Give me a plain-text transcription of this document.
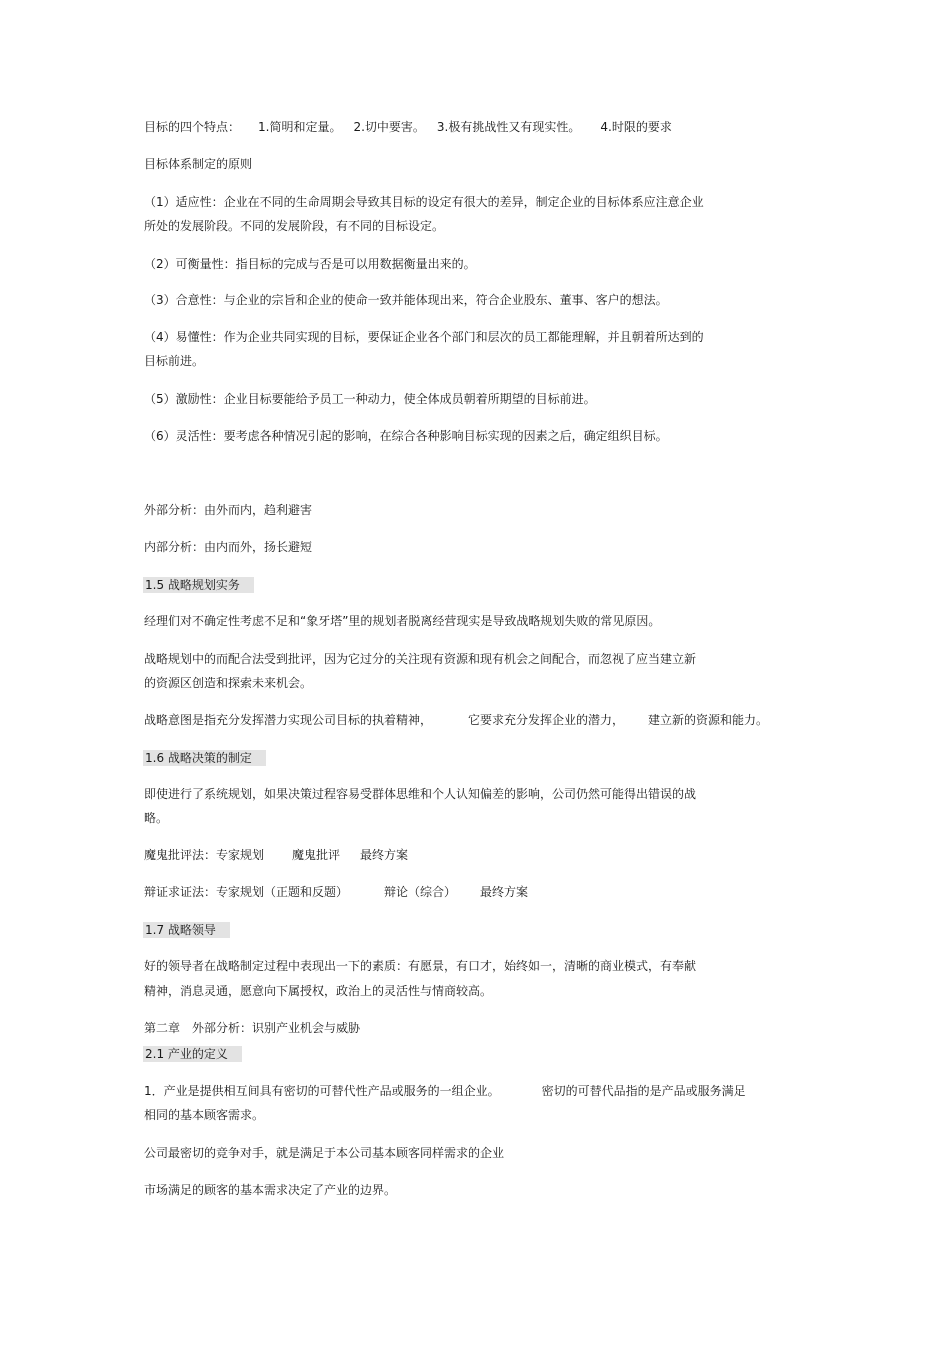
目标的四个特点： 1.简明和定量。 2.切中要害。 3.极有挑战性又有现实性。 4.时限的要求
目标体系制定的原则
（1）适应性：企业在不同的生命周期会导致其目标的设定有很大的差异，制定企业的目标体系应注意企业
所处的发展阶段。不同的发展阶段，有不同的目标设定。
（2）可衡量性：指目标的完成与否是可以用数据衡量出来的。
（3）合意性：与企业的宗旨和企业的使命一致并能体现出来，符合企业股东、董事、客户的想法。
（4）易懂性：作为企业共同实现的目标，要保证企业各个部门和层次的员工都能理解，并且朝着所达到的
目标前进。
（5）激励性：企业目标要能给予员工一种动力，使全体成员朝着所期望的目标前进。
（6）灵活性：要考虑各种情况引起的影响，在综合各种影响目标实现的因素之后，确定组织目标。
外部分析：由外而内，趋利避害
内部分析：由内而外，扬长避短
1.5 战略规划实务
经理们对不确定性考虑不足和“象牙塔”里的规划者脱离经营现实是导致战略规划失败的常见原因。
战略规划中的而配合法受到批评，因为它过分的关注现有资源和现有机会之间配合，而忽视了应当建立新
的资源区创造和探索未来机会。
战略意图是指充分发挥潜力实现公司目标的执着精神，	它要求充分发挥企业的潜力， 建立新的资源和能力。
1.6 战略决策的制定
即使进行了系统规划，如果决策过程容易受群体思维和个人认知偏差的影响，公司仍然可能得出错误的战
略。
魔鬼批评法：专家规划 魔鬼批评 最终方案
辩证求证法：专家规划（正题和反题）	辩论（综合） 最终方案
1.7 战略领导
好的领导者在战略制定过程中表现出一下的素质：有愿景，有口才，始终如一，清晰的商业模式，有奉献
精神，消息灵通，愿意向下属授权，政治上的灵活性与情商较高。
第二章　外部分析：识别产业机会与威胁
2.1 产业的定义
1．产业是提供相互间具有密切的可替代性产品或服务的一组企业。	密切的可替代品指的是产品或服务满足
相同的基本顾客需求。
公司最密切的竞争对手，就是满足于本公司基本顾客同样需求的企业
市场满足的顾客的基本需求决定了产业的边界。
